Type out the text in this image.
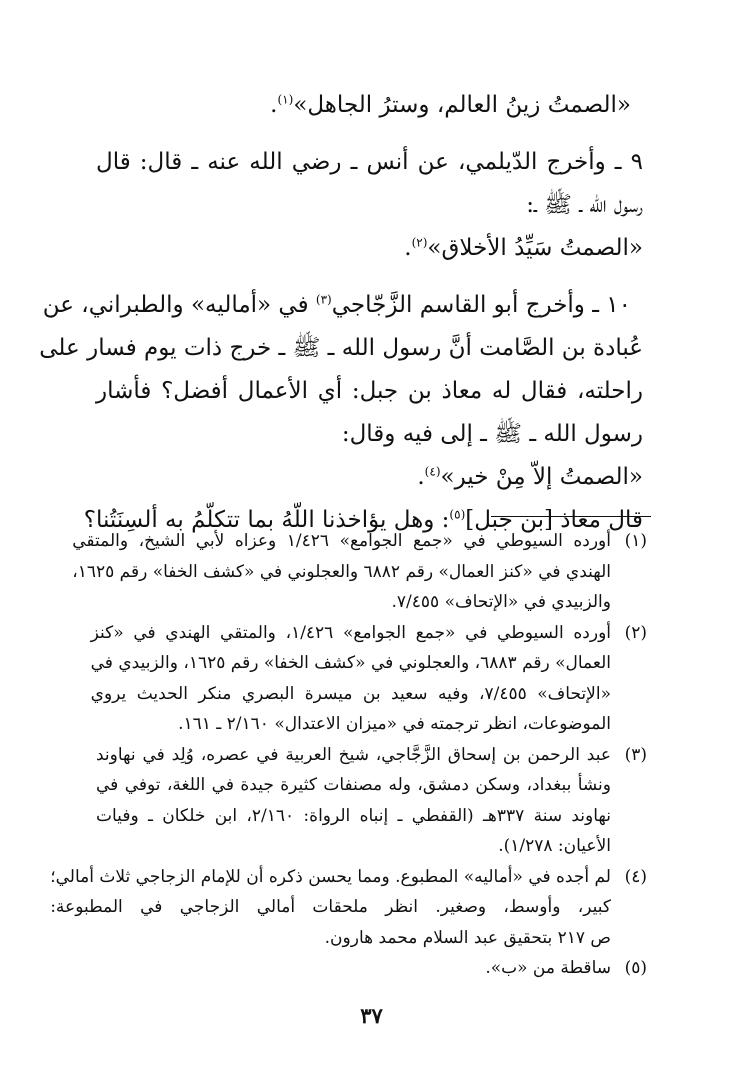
«الصمتُ زينُ العالم، وسترُ الجاهل»$^{(١)}$.
٩ ـ وأخرج الدّيلمي، عن أنس ـ رضي الله عنه ـ قال: قال
رسول الله ـ ﷺ ـ:
«الصمتُ سَيِّدُ الأخلاق»$^{(٢)}$.
١٠ ـ وأخرج أبو القاسم الزَّجّاجي$^{(٣)}$ في «أماليه» والطبراني، عن
عُبادة بن الصَّامت أنَّ رسول الله ـ ﷺ ـ خرج ذات يوم فسار على
راحلته، فقال له معاذ بن جبل: أي الأعمال أفضل؟ فأشار
رسول الله ـ ﷺ ـ إلى فيه وقال:
«الصمتُ إلاّ مِنْ خير»$^{(٤)}$.
قال معاذ [بن جبل]$^{(٥)}$: وهل يؤاخذنا اللّهُ بما تتكلّمُ به ألسِنَتُنا؟
(١)
أورده السيوطي في «جمع الجوامع» ١/٤٢٦ وعزاه لأبي الشيخ، والمتقي
الهندي في «كنز العمال» رقم ٦٨٨٢ والعجلوني في «كشف الخفا» رقم ١٦٢٥،
والزبيدي في «الإتحاف» ٧/٤٥٥.
(٢)
أورده السيوطي في «جمع الجوامع» ١/٤٢٦، والمتقي الهندي في «كنز
العمال» رقم ٦٨٨٣، والعجلوني في «كشف الخفا» رقم ١٦٢٥، والزبيدي في
«الإتحاف» ٧/٤٥٥، وفيه سعيد بن ميسرة البصري منكر الحديث يروي
الموضوعات، انظر ترجمته في «ميزان الاعتدال» ٢/١٦٠ ـ ١٦١.
(٣)
عبد الرحمن بن إسحاق الزَّجَّاجي، شيخ العربية في عصره، وُلِد في نهاوند
ونشأ ببغداد، وسكن دمشق، وله مصنفات كثيرة جيدة في اللغة، توفي في
نهاوند سنة ٣٣٧هـ (القفطي ـ إنباه الرواة: ٢/١٦٠، ابن خلكان ـ وفيات
الأعيان: ١/٢٧٨).
(٤)
لم أجده في «أماليه» المطبوع. ومما يحسن ذكره أن للإمام الزجاجي ثلاث أمالي؛
كبير، وأوسط، وصغير. انظر ملحقات أمالي الزجاجي في المطبوعة:
ص ٢١٧ بتحقيق عبد السلام محمد هارون.
(٥)
ساقطة من «ب».
٣٧
